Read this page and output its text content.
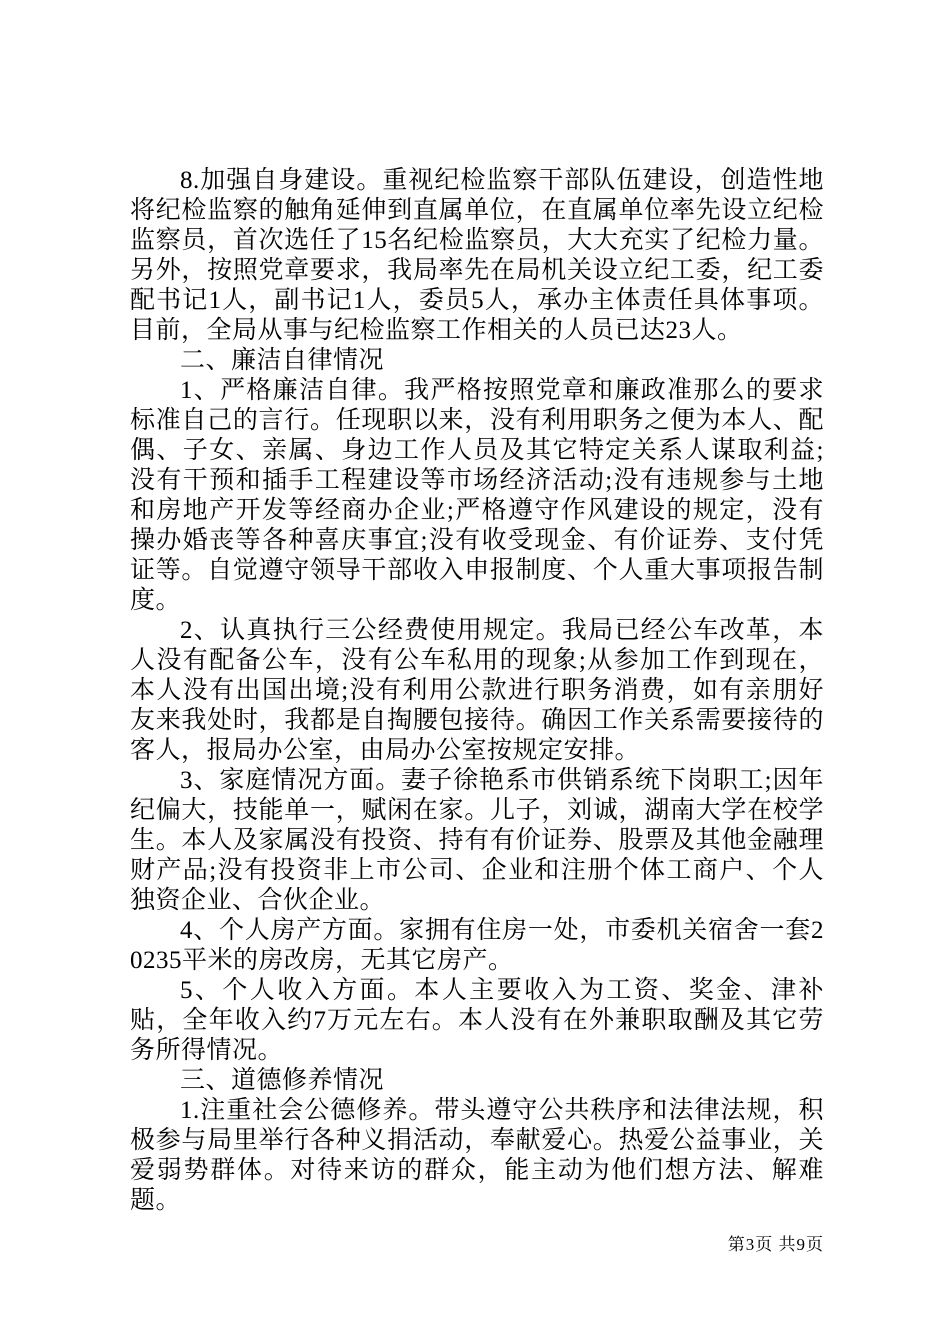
8.加强自身建设。重视纪检监察干部队伍建设，创造性地将纪检监察的触角延伸到直属单位，在直属单位率先设立纪检监察员，首次选任了15名纪检监察员，大大充实了纪检力量。另外，按照党章要求，我局率先在局机关设立纪工委，纪工委配书记1人，副书记1人，委员5人，承办主体责任具体事项。目前，全局从事与纪检监察工作相关的人员已达23人。

二、廉洁自律情况

1、严格廉洁自律。我严格按照党章和廉政准那么的要求标准自己的言行。任现职以来，没有利用职务之便为本人、配偶、子女、亲属、身边工作人员及其它特定关系人谋取利益;没有干预和插手工程建设等市场经济活动;没有违规参与土地和房地产开发等经商办企业;严格遵守作风建设的规定，没有操办婚丧等各种喜庆事宜;没有收受现金、有价证券、支付凭证等。自觉遵守领导干部收入申报制度、个人重大事项报告制度。

2、认真执行三公经费使用规定。我局已经公车改革，本人没有配备公车，没有公车私用的现象;从参加工作到现在，本人没有出国出境;没有利用公款进行职务消费，如有亲朋好友来我处时，我都是自掏腰包接待。确因工作关系需要接待的客人，报局办公室，由局办公室按规定安排。

3、家庭情况方面。妻子徐艳系市供销系统下岗职工;因年纪偏大，技能单一，赋闲在家。儿子，刘诚，湖南大学在校学生。本人及家属没有投资、持有有价证券、股票及其他金融理财产品;没有投资非上市公司、企业和注册个体工商户、个人独资企业、合伙企业。

4、个人房产方面。家拥有住房一处，市委机关宿舍一套20235平米的房改房，无其它房产。

5、个人收入方面。本人主要收入为工资、奖金、津补贴，全年收入约7万元左右。本人没有在外兼职取酬及其它劳务所得情况。

三、道德修养情况

1.注重社会公德修养。带头遵守公共秩序和法律法规，积极参与局里举行各种义捐活动，奉献爱心。热爱公益事业，关爱弱势群体。对待来访的群众，能主动为他们想方法、解难题。

第3页 共9页
